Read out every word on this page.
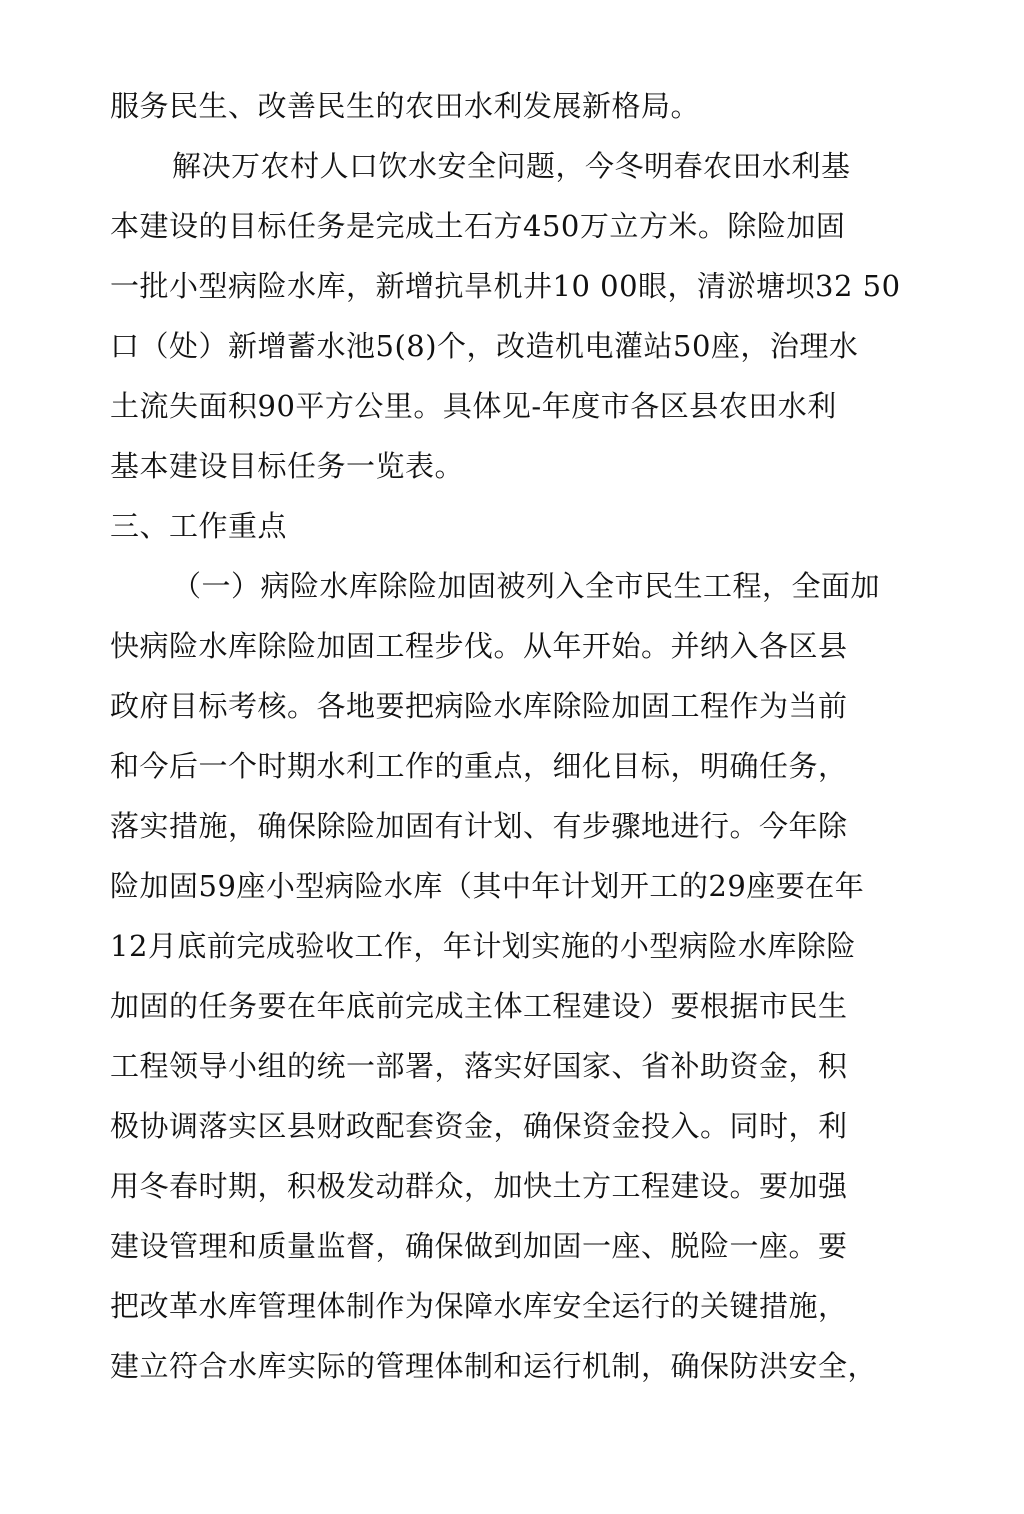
服务民生、改善民生的农田水利发展新格局。
解决万农村人口饮水安全问题，今冬明春农田水利基
本建设的目标任务是完成土石方450万立方米。除险加固
一批小型病险水库，新增抗旱机井10 00眼，清淤塘坝32 50
口（处）新增蓄水池5(8)个，改造机电灌站50座，治理水
土流失面积90平方公里。具体见-年度市各区县农田水利
基本建设目标任务一览表。
三、工作重点
（一）病险水库除险加固被列入全市民生工程，全面加
快病险水库除险加固工程步伐。从年开始。并纳入各区县
政府目标考核。各地要把病险水库除险加固工程作为当前
和今后一个时期水利工作的重点，细化目标，明确任务，
落实措施，确保除险加固有计划、有步骤地进行。今年除
险加固59座小型病险水库（其中年计划开工的29座要在年
12月底前完成验收工作，年计划实施的小型病险水库除险
加固的任务要在年底前完成主体工程建设）要根据市民生
工程领导小组的统一部署，落实好国家、省补助资金，积
极协调落实区县财政配套资金，确保资金投入。同时，利
用冬春时期，积极发动群众，加快土方工程建设。要加强
建设管理和质量监督，确保做到加固一座、脱险一座。要
把改革水库管理体制作为保障水库安全运行的关键措施，
建立符合水库实际的管理体制和运行机制，确保防洪安全，
